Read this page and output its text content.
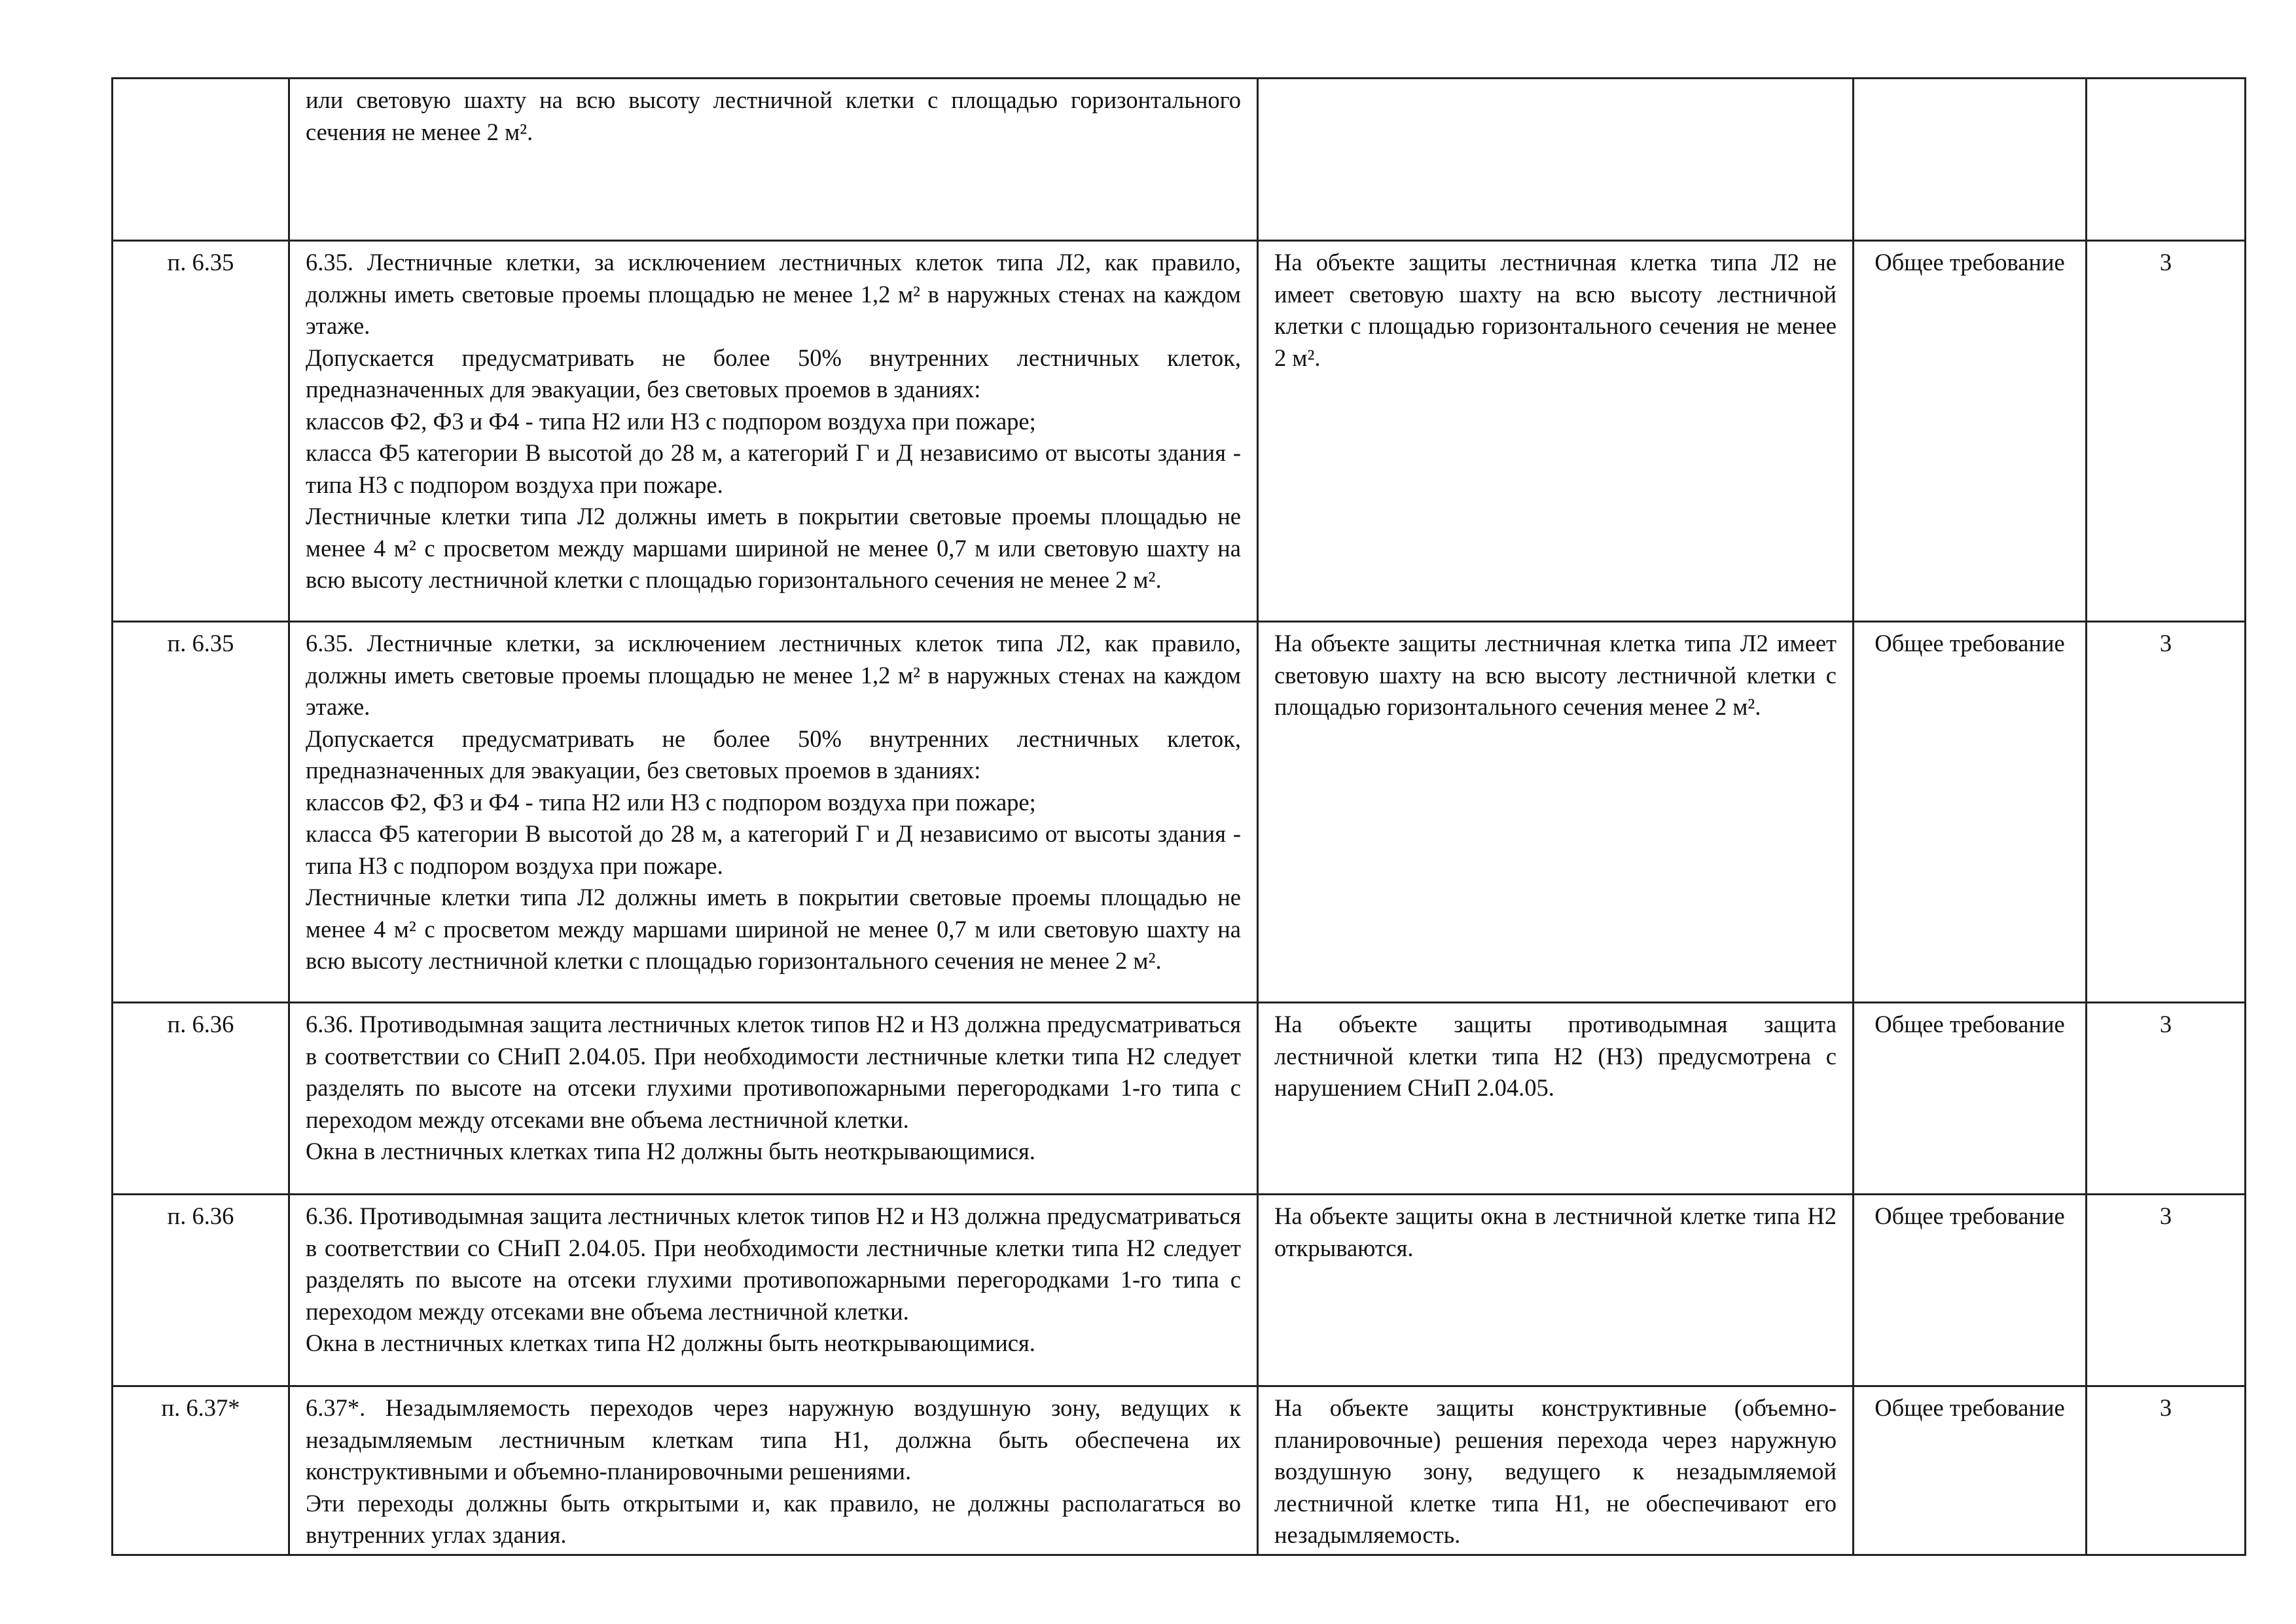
	или световую шахту на всю высоту лестничной клетки с площадью горизонтального сечения не менее 2 м².			

п. 6.35	6.35. Лестничные клетки, за исключением лестничных клеток типа Л2, как правило, должны иметь световые проемы площадью не менее 1,2 м² в наружных стенах на каждом этаже.
Допускается предусматривать не более 50% внутренних лестничных клеток, предназначенных для эвакуации, без световых проемов в зданиях:
классов Ф2, Ф3 и Ф4 - типа Н2 или Н3 с подпором воздуха при пожаре;
класса Ф5 категории В высотой до 28 м, а категорий Г и Д независимо от высоты здания - типа Н3 с подпором воздуха при пожаре.
Лестничные клетки типа Л2 должны иметь в покрытии световые проемы площадью не менее 4 м² с просветом между маршами шириной не менее 0,7 м или световую шахту на всю высоту лестничной клетки с площадью горизонтального сечения не менее 2 м².	На объекте защиты лестничная клетка типа Л2 не имеет световую шахту на всю высоту лестничной клетки с площадью горизонтального сечения не менее 2 м².	Общее требование	3
п. 6.35	6.35. Лестничные клетки, за исключением лестничных клеток типа Л2, как правило, должны иметь световые проемы площадью не менее 1,2 м² в наружных стенах на каждом этаже.
Допускается предусматривать не более 50% внутренних лестничных клеток, предназначенных для эвакуации, без световых проемов в зданиях:
классов Ф2, Ф3 и Ф4 - типа Н2 или Н3 с подпором воздуха при пожаре;
класса Ф5 категории В высотой до 28 м, а категорий Г и Д независимо от высоты здания - типа Н3 с подпором воздуха при пожаре.
Лестничные клетки типа Л2 должны иметь в покрытии световые проемы площадью не менее 4 м² с просветом между маршами шириной не менее 0,7 м или световую шахту на всю высоту лестничной клетки с площадью горизонтального сечения не менее 2 м².	На объекте защиты лестничная клетка типа Л2 имеет световую шахту на всю высоту лестничной клетки с площадью горизонтального сечения менее 2 м².	Общее требование	3
п. 6.36	6.36. Противодымная защита лестничных клеток типов Н2 и Н3 должна предусматриваться в соответствии со СНиП 2.04.05. При необходимости лестничные клетки типа Н2 следует разделять по высоте на отсеки глухими противопожарными перегородками 1-го типа с переходом между отсеками вне объема лестничной клетки.
Окна в лестничных клетках типа Н2 должны быть неоткрывающимися.	На объекте защиты противодымная защита лестничной клетки типа Н2 (Н3) предусмотрена с нарушением СНиП 2.04.05.	Общее требование	3
п. 6.36	6.36. Противодымная защита лестничных клеток типов Н2 и Н3 должна предусматриваться в соответствии со СНиП 2.04.05. При необходимости лестничные клетки типа Н2 следует разделять по высоте на отсеки глухими противопожарными перегородками 1-го типа с переходом между отсеками вне объема лестничной клетки.
Окна в лестничных клетках типа Н2 должны быть неоткрывающимися.	На объекте защиты окна в лестничной клетке типа Н2 открываются.	Общее требование	3
п. 6.37*	6.37*. Незадымляемость переходов через наружную воздушную зону, ведущих к незадымляемым лестничным клеткам типа Н1, должна быть обеспечена их конструктивными и объемно-планировочными решениями.
Эти переходы должны быть открытыми и, как правило, не должны располагаться во внутренних углах здания.	На объекте защиты конструктивные (объемно-планировочные) решения перехода через наружную воздушную зону, ведущего к незадымляемой лестничной клетке типа Н1, не обеспечивают его незадымляемость.	Общее требование	3
